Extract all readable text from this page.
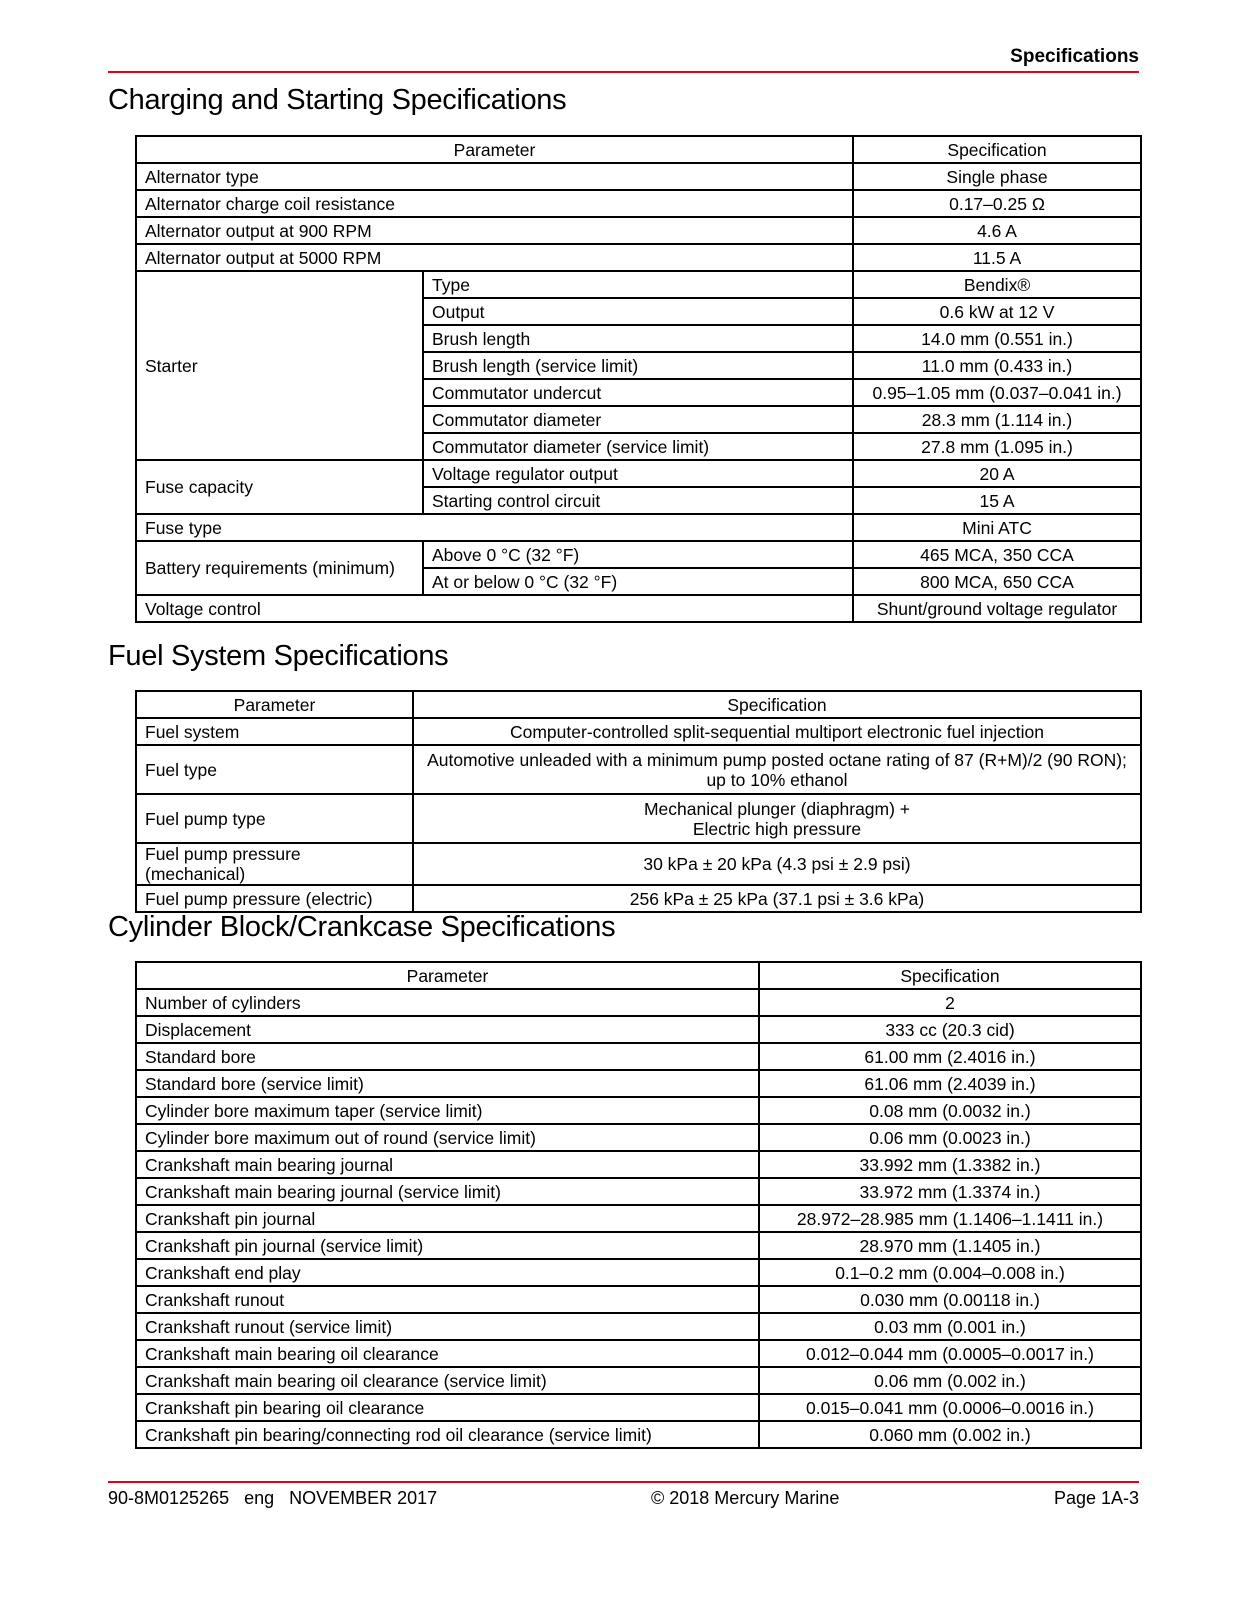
Specifications
Charging and Starting Specifications
Parameter		Specification
Alternator type		Single phase
Alternator charge coil resistance		0.17–0.25 Ω
Alternator output at 900 RPM		4.6 A
Alternator output at 5000 RPM		11.5 A
Starter	Type	Bendix®
	Output	0.6 kW at 12 V
	Brush length	14.0 mm (0.551 in.)
	Brush length (service limit)	11.0 mm (0.433 in.)
	Commutator undercut	0.95–1.05 mm (0.037–0.041 in.)
	Commutator diameter	28.3 mm (1.114 in.)
	Commutator diameter (service limit)	27.8 mm (1.095 in.)
Fuse capacity	Voltage regulator output	20 A
	Starting control circuit	15 A
Fuse type		Mini ATC
Battery requirements (minimum)	Above 0 °C (32 °F)	465 MCA, 350 CCA
	At or below 0 °C (32 °F)	800 MCA, 650 CCA
Voltage control		Shunt/ground voltage regulator
Fuel System Specifications
Parameter	Specification
Fuel system	Computer-controlled split-sequential multiport electronic fuel injection
Fuel type	Automotive unleaded with a minimum pump posted octane rating of 87 (R+M)/2 (90 RON);
up to 10% ethanol
Fuel pump type	Mechanical plunger (diaphragm) +
Electric high pressure
Fuel pump pressure (mechanical)	30 kPa ± 20 kPa (4.3 psi ± 2.9 psi)
Fuel pump pressure (electric)	256 kPa ± 25 kPa (37.1 psi ± 3.6 kPa)
Cylinder Block/Crankcase Specifications
Parameter	Specification
Number of cylinders	2
Displacement	333 cc (20.3 cid)
Standard bore	61.00 mm (2.4016 in.)
Standard bore (service limit)	61.06 mm (2.4039 in.)
Cylinder bore maximum taper (service limit)	0.08 mm (0.0032 in.)
Cylinder bore maximum out of round (service limit)	0.06 mm (0.0023 in.)
Crankshaft main bearing journal	33.992 mm (1.3382 in.)
Crankshaft main bearing journal (service limit)	33.972 mm (1.3374 in.)
Crankshaft pin journal	28.972–28.985 mm (1.1406–1.1411 in.)
Crankshaft pin journal (service limit)	28.970 mm (1.1405 in.)
Crankshaft end play	0.1–0.2 mm (0.004–0.008 in.)
Crankshaft runout	0.030 mm (0.00118 in.)
Crankshaft runout (service limit)	0.03 mm (0.001 in.)
Crankshaft main bearing oil clearance	0.012–0.044 mm (0.0005–0.0017 in.)
Crankshaft main bearing oil clearance (service limit)	0.06 mm (0.002 in.)
Crankshaft pin bearing oil clearance	0.015–0.041 mm (0.0006–0.0016 in.)
Crankshaft pin bearing/connecting rod oil clearance (service limit)	0.060 mm (0.002 in.)
90-8M0125265   eng   NOVEMBER 2017	© 2018 Mercury Marine	Page 1A-3
